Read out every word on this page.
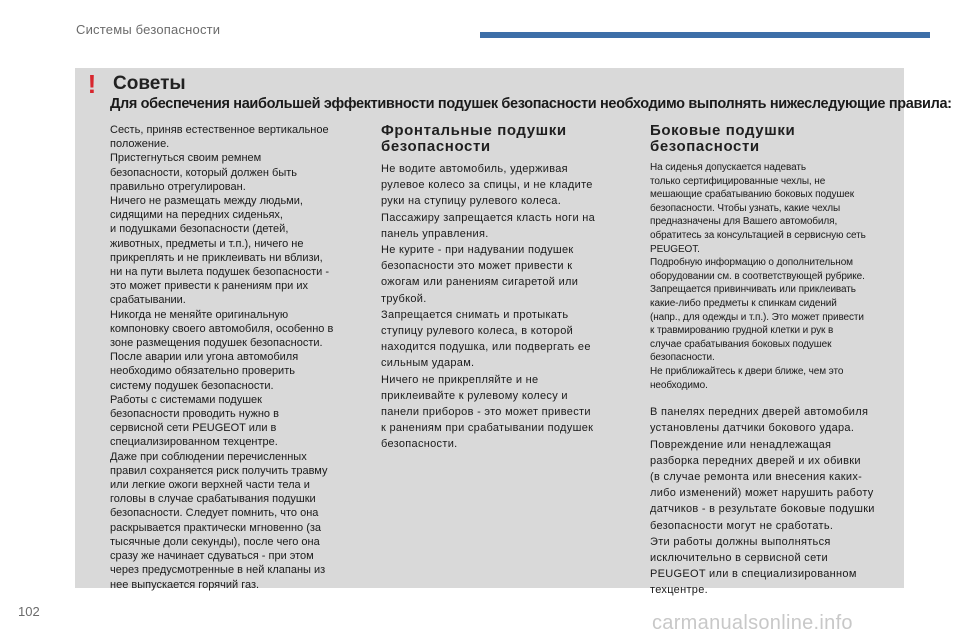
Системы безопасности
! Советы
Для обеспечения наибольшей эффективности подушек безопасности необходимо выполнять нижеследующие правила:

Сесть, приняв естественное вертикальное

положение.

Пристегнуться своим ремнем

безопасности, который должен быть

правильно отрегулирован.

Ничего не размещать между людьми,

сидящими на передних сиденьях,

и подушками безопасности (детей,

животных, предметы и т.п.), ничего не

прикреплять и не приклеивать ни вблизи,

ни на пути вылета подушек безопасности -

это может привести к ранениям при их

срабатывании.

Никогда не меняйте оригинальную

компоновку своего автомобиля, особенно в

зоне размещения подушек безопасности.

После аварии или угона автомобиля

необходимо обязательно проверить

систему подушек безопасности.

Работы с системами подушек

безопасности проводить нужно в

сервисной сети PEUGEOT или в

специализированном техцентре.

Даже при соблюдении перечисленных

правил сохраняется риск получить травму

или легкие ожоги верхней части тела и

головы в случае срабатывания подушки

безопасности. Следует помнить, что она

раскрывается практически мгновенно (за

тысячные доли секунды), после чего она

сразу же начинает сдуваться - при этом

через предусмотренные в ней клапаны из

нее выпускается горячий газ.

Фронтальные подушки
безопасности

Не водите автомобиль, удерживая

рулевое колесо за спицы, и не кладите

руки на ступицу рулевого колеса.

Пассажиру запрещается класть ноги на

панель управления.

Не курите - при надувании подушек

безопасности это может привести к

ожогам или ранениям сигаретой или

трубкой.

Запрещается снимать и протыкать

ступицу рулевого колеса, в которой

находится подушка, или подвергать ее

сильным ударам.

Ничего не прикрепляйте и не

приклеивайте к рулевому колесу и

панели приборов - это может привести

к ранениям при срабатывании подушек

безопасности.

Боковые подушки
безопасности

На сиденья допускается надевать

только сертифицированные чехлы, не

мешающие срабатыванию боковых подушек

безопасности. Чтобы узнать, какие чехлы

предназначены для Вашего автомобиля,

обратитесь за консультацией в сервисную сеть

PEUGEOT.

Подробную информацию о дополнительном

оборудовании см. в соответствующей рубрике.

Запрещается привинчивать или приклеивать

какие-либо предметы к спинкам сидений

(напр., для одежды и т.п.). Это может привести

к травмированию грудной клетки и рук в

случае срабатывания боковых подушек

безопасности.

Не приближайтесь к двери ближе, чем это

необходимо.

В панелях передних дверей автомобиля

установлены датчики бокового удара.

Повреждение или ненадлежащая

разборка передних дверей и их обивки

(в случае ремонта или внесения каких-

либо изменений) может нарушить работу

датчиков - в результате боковые подушки

безопасности могут не сработать.

Эти работы должны выполняться

исключительно в сервисной сети

PEUGEOT или в специализированном

техцентре.

102
carmanualsonline.info
